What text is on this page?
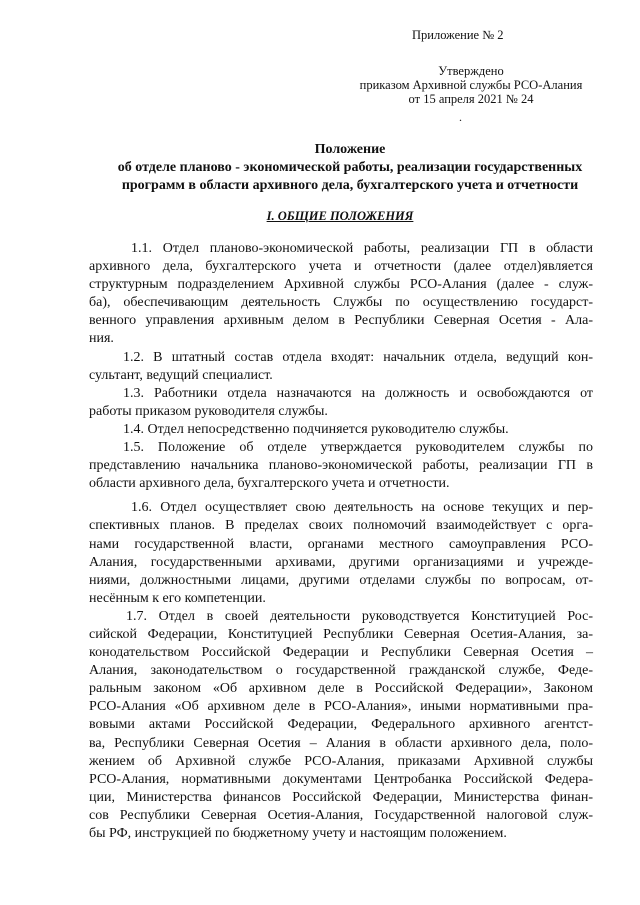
Приложение № 2
Утверждено
приказом Архивной службы РСО-Алания
от 15 апреля 2021 № 24
.
Положение
об отделе планово - экономической работы, реализации государственных
программ в области архивного дела, бухгалтерского учета и отчетности
I. ОБЩИЕ ПОЛОЖЕНИЯ
1.1. Отдел планово-экономической работы, реализации ГП в области
архивного дела, бухгалтерского учета и отчетности (далее отдел)является
структурным подразделением Архивной службы РСО-Алания (далее - служ-
ба), обеспечивающим деятельность Службы по осуществлению государст-
венного управления архивным делом в Республики Северная Осетия - Ала-
ния.
1.2. В штатный состав отдела входят: начальник отдела, ведущий кон-
сультант, ведущий специалист.
1.3. Работники отдела назначаются на должность и освобождаются от
работы приказом руководителя службы.
1.4. Отдел непосредственно подчиняется руководителю службы.
1.5. Положение об отделе утверждается руководителем службы по
представлению начальника планово-экономической работы, реализации ГП в
области архивного дела, бухгалтерского учета и отчетности.
1.6. Отдел осуществляет свою деятельность на основе текущих и пер-
спективных планов. В пределах своих полномочий взаимодействует с орга-
нами государственной власти, органами местного самоуправления РСО-
Алания, государственными архивами, другими организациями и учрежде-
ниями, должностными лицами, другими отделами службы по вопросам, от-
несённым к его компетенции.
1.7. Отдел в своей деятельности руководствуется Конституцией Рос-
сийской Федерации, Конституцией Республики Северная Осетия-Алания, за-
конодательством Российской Федерации и Республики Северная Осетия –
Алания, законодательством о государственной гражданской службе, Феде-
ральным законом «Об архивном деле в Российской Федерации», Законом
РСО-Алания «Об архивном деле в РСО-Алания», иными нормативными пра-
вовыми актами Российской Федерации, Федерального архивного агентст-
ва, Республики Северная Осетия – Алания в области архивного дела, поло-
жением об Архивной службе РСО-Алания, приказами Архивной службы
РСО-Алания, нормативными документами Центробанка Российской Федера-
ции, Министерства финансов Российской Федерации, Министерства финан-
сов Республики Северная Осетия-Алания, Государственной налоговой служ-
бы РФ, инструкцией по бюджетному учету и настоящим положением.
